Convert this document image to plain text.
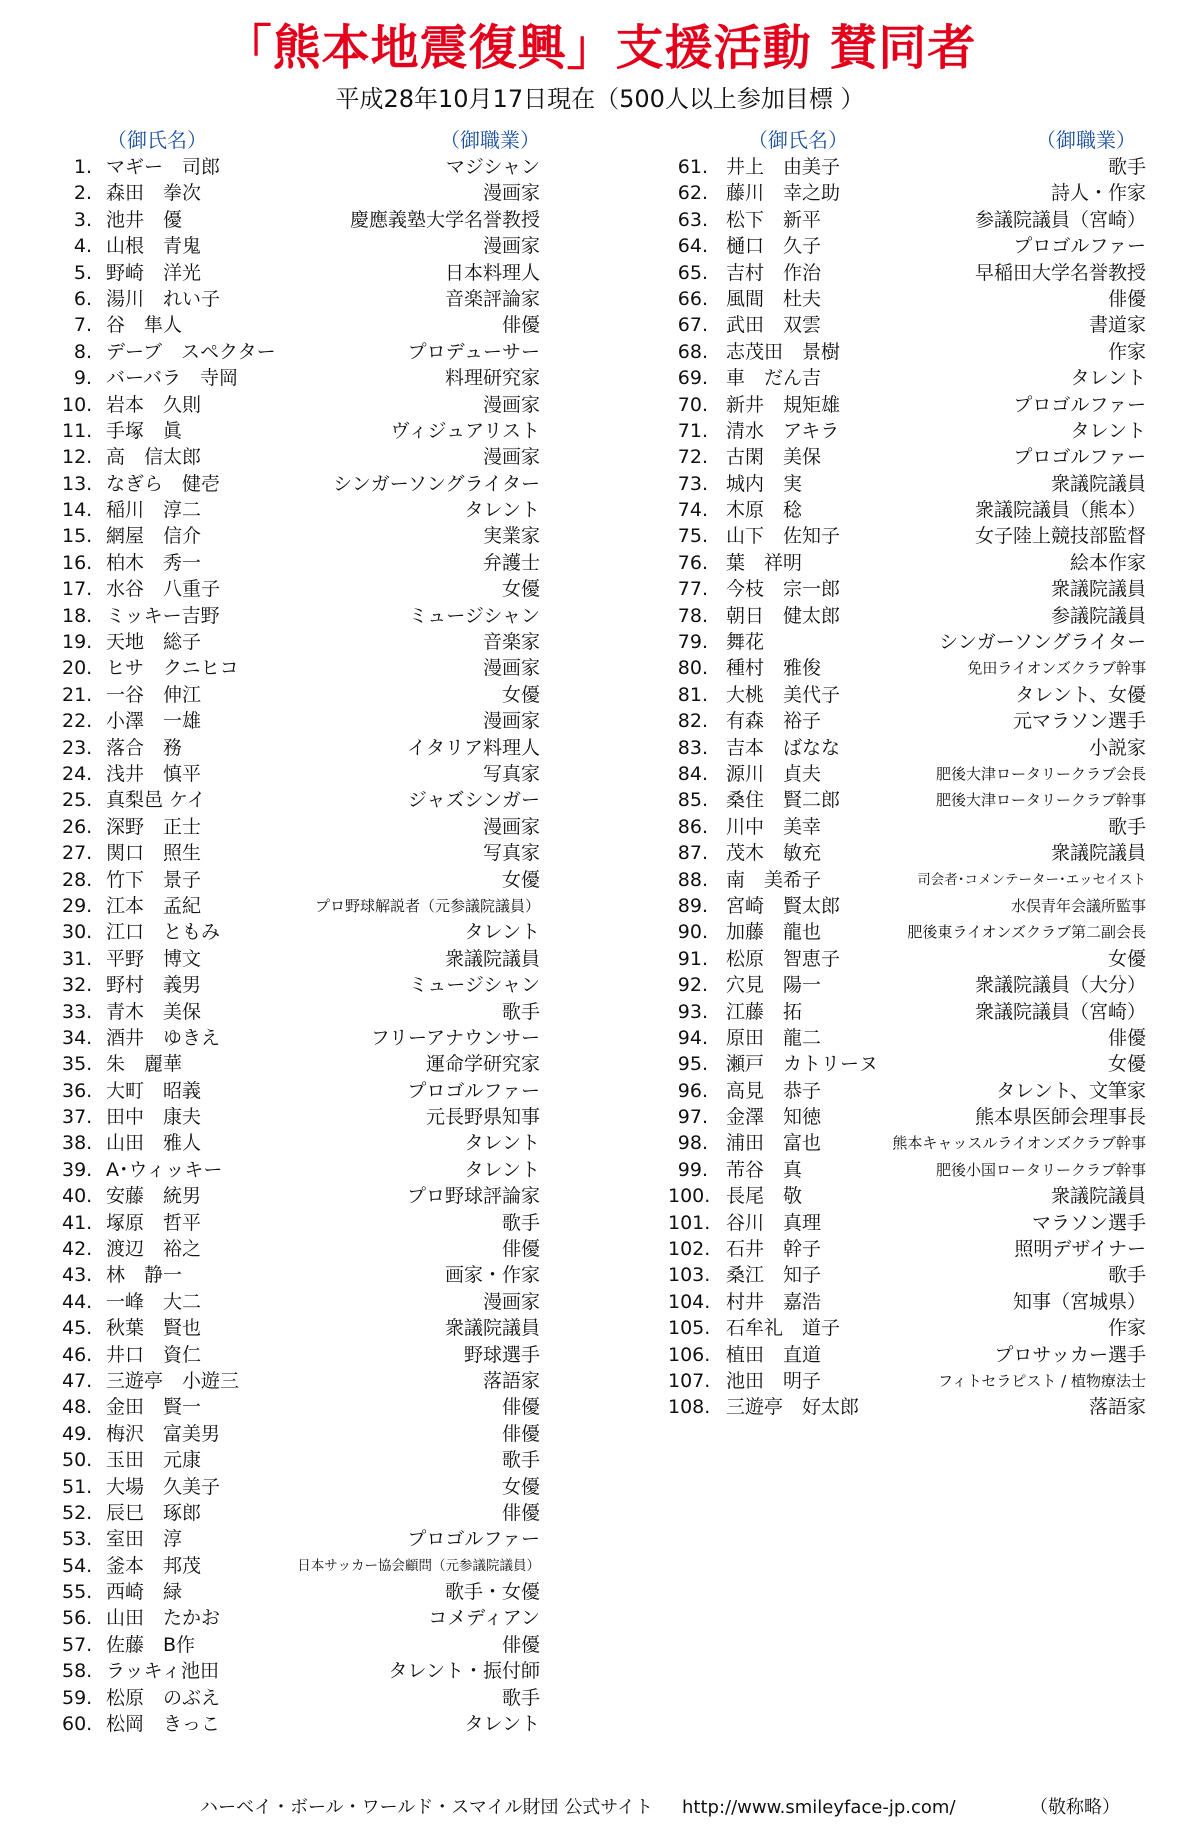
「熊本地震復興」支援活動 賛同者
平成28年10月17日現在（500人以上参加目標 ）
（御氏名）	（御職業）
1. マギー　司郎	マジシャン
2. 森田　拳次	漫画家
3. 池井　優	慶應義塾大学名誉教授
4. 山根　青鬼	漫画家
5. 野崎　洋光	日本料理人
6. 湯川　れい子	音楽評論家
7. 谷　隼人	俳優
8. デーブ　スペクター	プロデューサー
9. バーバラ　寺岡	料理研究家
10. 岩本　久則	漫画家
11. 手塚　眞	ヴィジュアリスト
12. 高　信太郎	漫画家
13. なぎら　健壱	シンガーソングライター
14. 稲川　淳二	タレント
15. 網屋　信介	実業家
16. 柏木　秀一	弁護士
17. 水谷　八重子	女優
18. ミッキー吉野	ミュージシャン
19. 天地　総子	音楽家
20. ヒサ　クニヒコ	漫画家
21. 一谷　伸江	女優
22. 小澤　一雄	漫画家
23. 落合　務	イタリア料理人
24. 浅井　慎平	写真家
25. 真梨邑 ケイ	ジャズシンガー
26. 深野　正士	漫画家
27. 関口　照生	写真家
28. 竹下　景子	女優
29. 江本　孟紀	プロ野球解説者（元参議院議員）
30. 江口　ともみ	タレント
31. 平野　博文	衆議院議員
32. 野村　義男	ミュージシャン
33. 青木　美保	歌手
34. 酒井　ゆきえ	フリーアナウンサー
35. 朱　麗華	運命学研究家
36. 大町　昭義	プロゴルファー
37. 田中　康夫	元長野県知事
38. 山田　雅人	タレント
39. A･ウィッキー	タレント
40. 安藤　統男	プロ野球評論家
41. 塚原　哲平	歌手
42. 渡辺　裕之	俳優
43. 林　静一	画家・作家
44. 一峰　大二	漫画家
45. 秋葉　賢也	衆議院議員
46. 井口　資仁	野球選手
47. 三遊亭　小遊三	落語家
48. 金田　賢一	俳優
49. 梅沢　富美男	俳優
50. 玉田　元康	歌手
51. 大場　久美子	女優
52. 辰巳　琢郎	俳優
53. 室田　淳	プロゴルファー
54. 釜本　邦茂	日本サッカー協会顧問（元参議院議員）
55. 西崎　緑	歌手・女優
56. 山田　たかお	コメディアン
57. 佐藤　B作	俳優
58. ラッキィ池田	タレント・振付師
59. 松原　のぶえ	歌手
60. 松岡　きっこ	タレント
（御氏名）	（御職業）
61. 井上　由美子	歌手
62. 藤川　幸之助	詩人・作家
63. 松下　新平	参議院議員（宮崎）
64. 樋口　久子	プロゴルファー
65. 吉村　作治	早稲田大学名誉教授
66. 風間　杜夫	俳優
67. 武田　双雲	書道家
68. 志茂田　景樹	作家
69. 車　だん吉	タレント
70. 新井　規矩雄	プロゴルファー
71. 清水　アキラ	タレント
72. 古閑　美保	プロゴルファー
73. 城内　実	衆議院議員
74. 木原　稔	衆議院議員（熊本）
75. 山下　佐知子	女子陸上競技部監督
76. 葉　祥明	絵本作家
77. 今枝　宗一郎	衆議院議員
78. 朝日　健太郎	参議院議員
79. 舞花	シンガーソングライター
80. 種村　雅俊	免田ライオンズクラブ幹事
81. 大桃　美代子	タレント、女優
82. 有森　裕子	元マラソン選手
83. 吉本　ばなな	小説家
84. 源川　貞夫	肥後大津ロータリークラブ会長
85. 桑住　賢二郎	肥後大津ロータリークラブ幹事
86. 川中　美幸	歌手
87. 茂木　敏充	衆議院議員
88. 南　美希子	司会者･コメンテーター･エッセイスト
89. 宮崎　賢太郎	水俣青年会議所監事
90. 加藤　龍也	肥後東ライオンズクラブ第二副会長
91. 松原　智恵子	女優
92. 穴見　陽一	衆議院議員（大分）
93. 江藤　拓	衆議院議員（宮崎）
94. 原田　龍二	俳優
95. 瀬戸　カトリーヌ	女優
96. 高見　恭子	タレント、文筆家
97. 金澤　知徳	熊本県医師会理事長
98. 浦田　富也	熊本キャッスルライオンズクラブ幹事
99. 芾谷　真	肥後小国ロータリークラブ幹事
100. 長尾　敬	衆議院議員
101. 谷川　真理	マラソン選手
102. 石井　幹子	照明デザイナー
103. 桑江　知子	歌手
104. 村井　嘉浩	知事（宮城県）
105. 石牟礼　道子	作家
106. 植田　直道	プロサッカー選手
107. 池田　明子	フィトセラピスト / 植物療法士
108. 三遊亭　好太郎	落語家
ハーベイ・ボール・ワールド・スマイル財団 公式サイト http://www.smileyface-jp.com/	（敬称略）
